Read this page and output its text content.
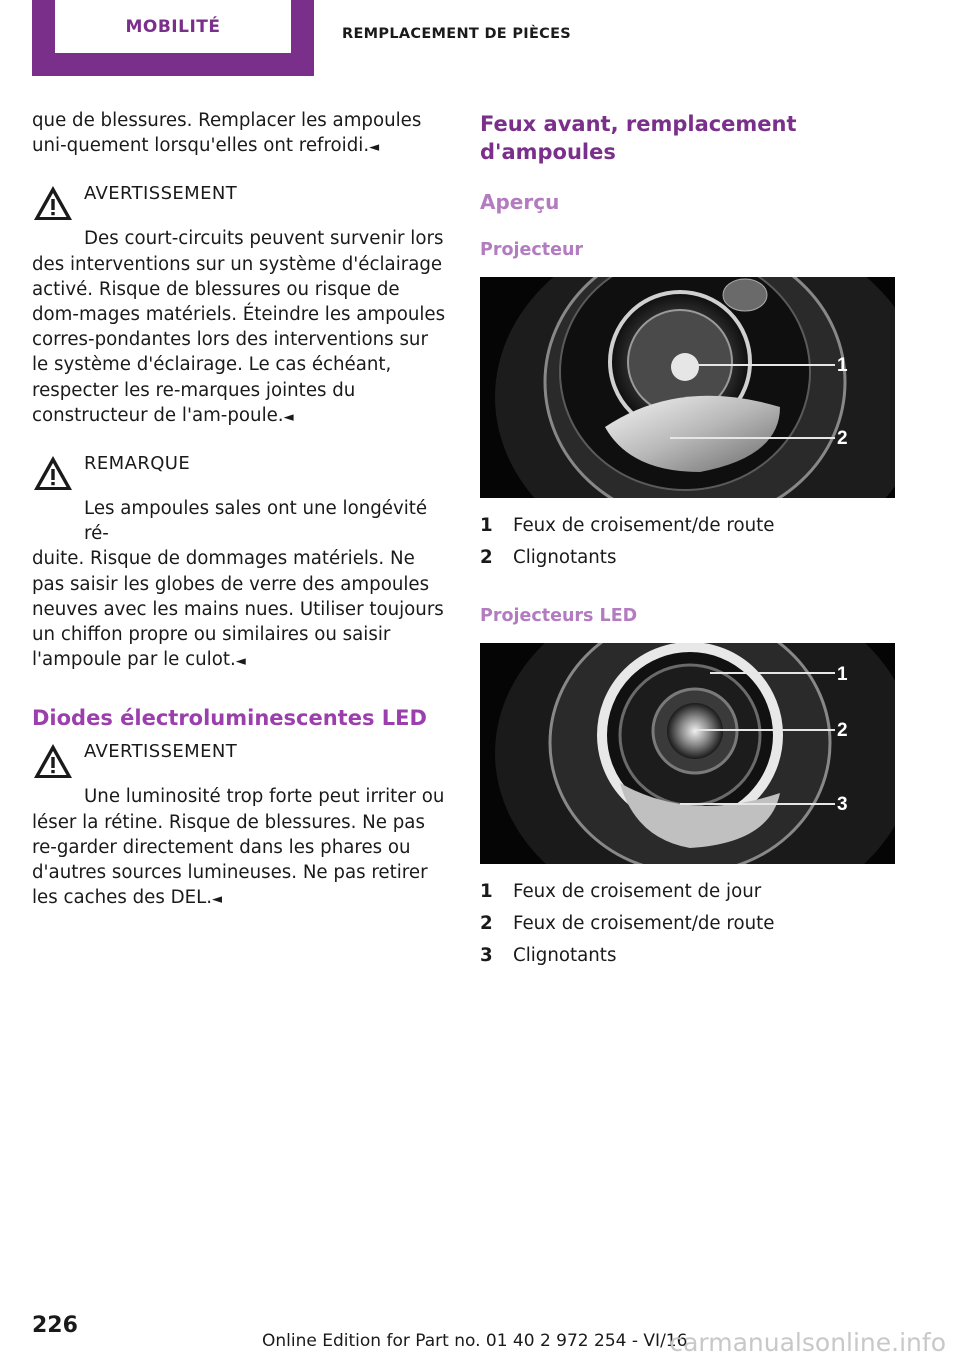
MOBILITÉ	REMPLACEMENT DE PIÈCES

que de blessures. Remplacer les ampoules uni-quement lorsqu'elles ont refroidi.◄

AVERTISSEMENT
Des court-circuits peuvent survenir lors
des interventions sur un système d'éclairage activé. Risque de blessures ou risque de dom-mages matériels. Éteindre les ampoules corres-pondantes lors des interventions sur le système d'éclairage. Le cas échéant, respecter les re-marques jointes du constructeur de l'am-poule.◄
REMARQUE
Les ampoules sales ont une longévité ré-
duite. Risque de dommages matériels. Ne pas saisir les globes de verre des ampoules neuves avec les mains nues. Utiliser toujours un chiffon propre ou similaires ou saisir l'ampoule par le culot.◄
Diodes électroluminescentes LED
AVERTISSEMENT
Une luminosité trop forte peut irriter ou
léser la rétine. Risque de blessures. Ne pas re-garder directement dans les phares ou d'autres sources lumineuses. Ne pas retirer les caches des DEL.◄
Feux avant, remplacement d'ampoules
Aperçu
Projecteur
1
2
1	Feux de croisement/de route
2	Clignotants
Projecteurs LED
1
2
3
1	Feux de croisement de jour
2	Feux de croisement/de route
3	Clignotants
226
Online Edition for Part no. 01 40 2 972 254 - VI/16
carmanualsonline.info
